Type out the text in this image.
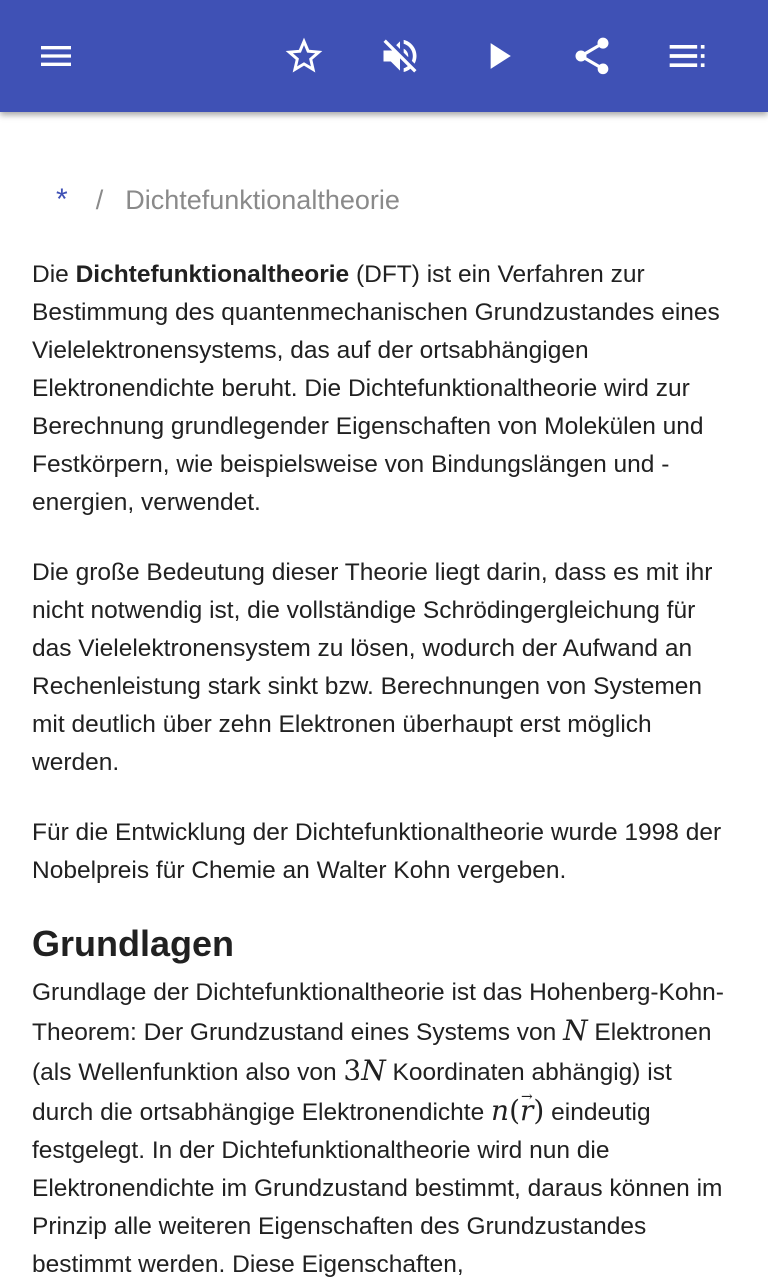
* / Dichtefunktionaltheorie

Die Dichtefunktionaltheorie (DFT) ist ein Verfahren zur Bestimmung des quantenmechanischen Grundzustandes eines Vielelektronensystems, das auf der ortsabhängigen Elektronendichte beruht. Die Dichtefunktionaltheorie wird zur Berechnung grundlegender Eigenschaften von Molekülen und Festkörpern, wie beispielsweise von Bindungslängen und -energien, verwendet.

Die große Bedeutung dieser Theorie liegt darin, dass es mit ihr nicht notwendig ist, die vollständige Schrödingergleichung für das Vielelektronensystem zu lösen, wodurch der Aufwand an Rechenleistung stark sinkt bzw. Berechnungen von Systemen mit deutlich über zehn Elektronen überhaupt erst möglich werden.

Für die Entwicklung der Dichtefunktionaltheorie wurde 1998 der Nobelpreis für Chemie an Walter Kohn vergeben.

Grundlagen

Grundlage der Dichtefunktionaltheorie ist das Hohenberg-Kohn-Theorem: Der Grundzustand eines Systems von N Elektronen (als Wellenfunktion also von 3N Koordinaten abhängig) ist durch die ortsabhängige Elektronendichte n(→ r) eindeutig festgelegt. In der Dichtefunktionaltheorie wird nun die Elektronendichte im Grundzustand bestimmt, daraus können im Prinzip alle weiteren Eigenschaften des Grundzustandes bestimmt werden. Diese Eigenschaften,
